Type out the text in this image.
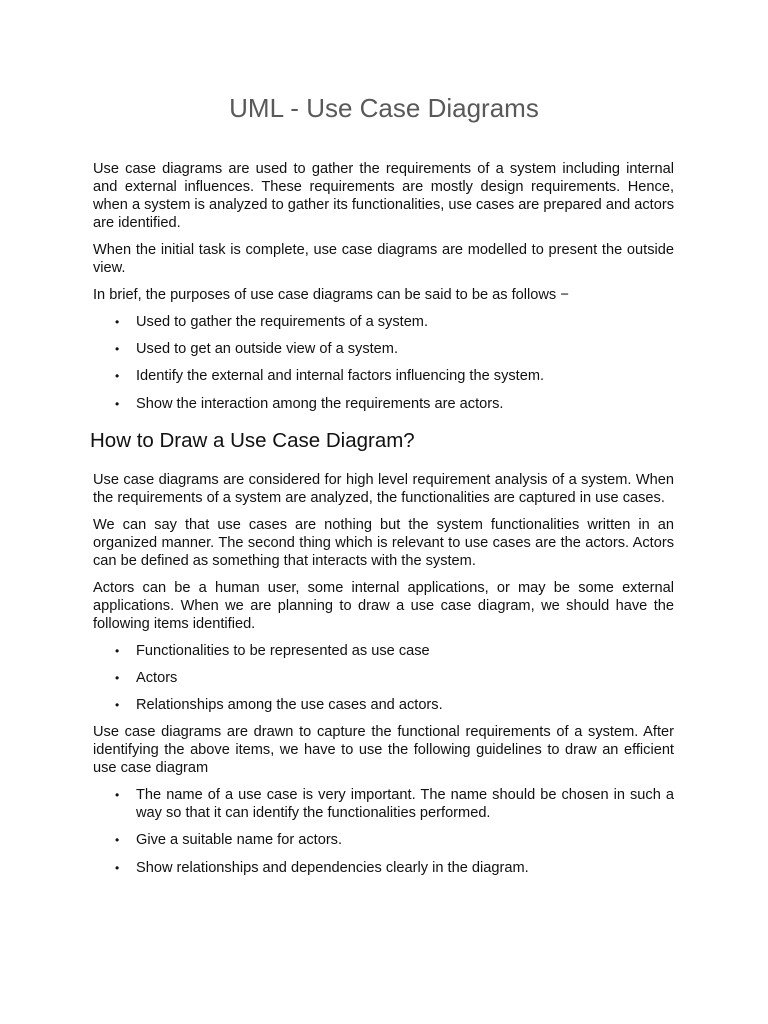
UML - Use Case Diagrams

Use case diagrams are used to gather the requirements of a system including internal and external influences. These requirements are mostly design requirements. Hence, when a system is analyzed to gather its functionalities, use cases are prepared and actors are identified.

When the initial task is complete, use case diagrams are modelled to present the outside view.

In brief, the purposes of use case diagrams can be said to be as follows −

• Used to gather the requirements of a system.
• Used to get an outside view of a system.
• Identify the external and internal factors influencing the system.
• Show the interaction among the requirements are actors.
How to Draw a Use Case Diagram?

Use case diagrams are considered for high level requirement analysis of a system. When the requirements of a system are analyzed, the functionalities are captured in use cases.

We can say that use cases are nothing but the system functionalities written in an organized manner. The second thing which is relevant to use cases are the actors. Actors can be defined as something that interacts with the system.

Actors can be a human user, some internal applications, or may be some external applications. When we are planning to draw a use case diagram, we should have the following items identified.

• Functionalities to be represented as use case
• Actors
• Relationships among the use cases and actors.

Use case diagrams are drawn to capture the functional requirements of a system. After identifying the above items, we have to use the following guidelines to draw an efficient use case diagram

• The name of a use case is very important. The name should be chosen in such a way so that it can identify the functionalities performed.
• Give a suitable name for actors.
• Show relationships and dependencies clearly in the diagram.
